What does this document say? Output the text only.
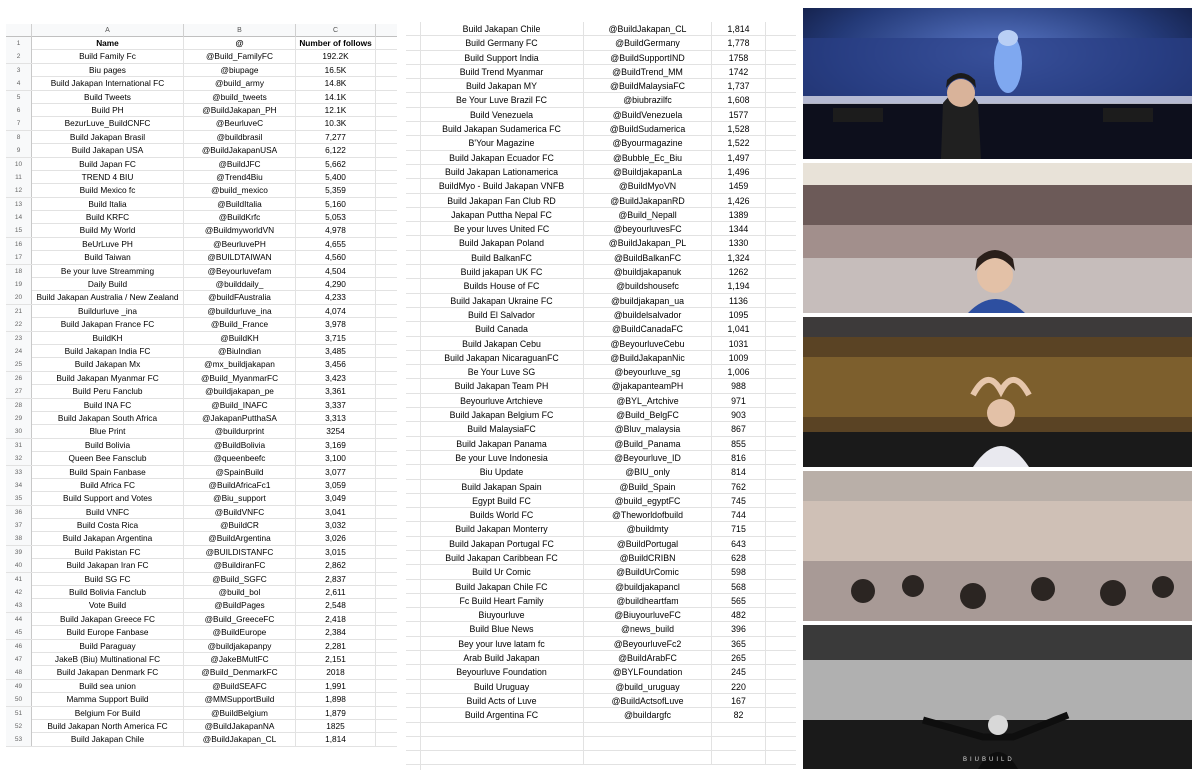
A	B	C
1	Name	@	Number of follows
2	Build Family Fc	@Build_FamilyFC	192.2K
3	Biu pages	@biupage	16.5K
4	Build Jakapan International FC	@build_army	14.8K
5	Build Tweets	@build_tweets	14.1K
6	Build PH	@BuildJakapan_PH	12.1K
7	BezurLuve_BuildCNFC	@BeurluveC	10.3K
8	Build Jakapan Brasil	@buildbrasil	7,277
9	Build Jakapan USA	@BuildJakapanUSA	6,122
10	Build Japan FC	@BuildJFC	5,662
11	TREND 4 BIU	@Trend4Biu	5,400
12	Build Mexico fc	@build_mexico	5,359
13	Build Italia	@BuildItalia	5,160
14	Build KRFC	@BuildKrfc	5,053
15	Build My World	@BuildmyworldVN	4,978
16	BeUrLuve PH	@BeurluvePH	4,655
17	Build Taiwan	@BUILDTAIWAN	4,560
18	Be your luve Streamming	@Beyourluvefam	4,504
19	Daily Build	@builddaily_	4,290
20	Build Jakapan Australia / New Zealand	@buildFAustralia	4,233
21	Buildurluve _ina	@buildurluve_ina	4,074
22	Build Jakapan France FC	@Build_France	3,978
23	BuildKH	@BuildKH	3,715
24	Build Jakapan India FC	@BiuIndian	3,485
25	Build Jakapan Mx	@mx_buildjakapan	3,456
26	Build Jakapan Myanmar FC	@Build_MyanmarFC	3,423
27	Build Peru Fanclub	@buildjakapan_pe	3,361
28	Build INA FC	@Build_INAFC	3,337
29	Build Jakapan South Africa	@JakapanPutthaSA	3,313
30	Blue Print	@buildurprint	3254
31	Build Bolivia	@BuildBolivia	3,169
32	Queen Bee Fansclub	@queenbeefc	3,100
33	Build Spain Fanbase	@SpainBuild	3,077
34	Build Africa FC	@BuildAfricaFc1	3,059
35	Build Support and Votes	@Biu_support	3,049
36	Build VNFC	@BuildVNFC	3,041
37	Build Costa Rica	@BuildCR	3,032
38	Build Jakapan Argentina	@BuildArgentina	3,026
39	Build Pakistan FC	@BUILDISTANFC	3,015
40	Build Jakapan Iran FC	@BuildiranFC	2,862
41	Build SG FC	@Build_SGFC	2,837
42	Build Bolivia Fanclub	@build_bol	2,611
43	Vote Build	@BuildPages	2,548
44	Build Jakapan Greece FC	@Build_GreeceFC	2,418
45	Build Europe Fanbase	@BuildEurope	2,384
46	Build Paraguay	@buildjakapanpy	2,281
47	JakeB (Biu) Multinational FC	@JakeBMultFC	2,151
48	Build Jakapan Denmark FC	@Build_DenmarkFC	2018
49	Build sea union	@BuildSEAFC	1,991
50	Mamma Support Build	@MMSupportBuild	1,898
51	Belgium For Build	@BuildBelgium	1,879
52	Build Jakapan North America FC	@BuildJakapanNA	1825
53	Build Jakapan Chile	@BuildJakapan_CL	1,814
Build Jakapan Chile	@BuildJakapan_CL	1,814
Build Germany FC	@BuildGermany	1,778
Build Support India	@BuildSupportIND	1758
Build Trend Myanmar	@BuildTrend_MM	1742
Build Jakapan MY	@BuildMalaysiaFC	1,737
Be Your Luve Brazil FC	@biubrazilfc	1,608
Build Venezuela	@BuildVenezuela	1577
Build Jakapan Sudamerica FC	@BuildSudamerica	1,528
B'Your Magazine	@Byourmagazine	1,522
Build Jakapan Ecuador FC	@Bubble_Ec_Biu	1,497
Build Jakapan Lationamerica	@BuildjakapanLa	1,496
BuildMyo - Build Jakapan VNFB	@BuildMyoVN	1459
Build Jakapan Fan Club RD	@BuildJakapanRD	1,426
Jakapan Puttha Nepal FC	@Build_Nepall	1389
Be your luves United FC	@beyourluvesFC	1344
Build Jakapan Poland	@BuildJakapan_PL	1330
Build BalkanFC	@BuildBalkanFC	1,324
Build jakapan UK FC	@buildjakapanuk	1262
Builds House of FC	@buildshousefc	1,194
Build Jakapan Ukraine FC	@buildjakapan_ua	1136
Build El Salvador	@buildelsalvador	1095
Build Canada	@BuildCanadaFC	1,041
Build Jakapan Cebu	@BeyourluveCebu	1031
Build Jakapan NicaraguanFC	@BuildJakapanNic	1009
Be Your Luve SG	@beyourluve_sg	1,006
Build Jakapan Team PH	@jakapanteamPH	988
Beyourluve Artchieve	@BYL_Artchive	971
Build Jakapan Belgium FC	@Build_BelgFC	903
Build MalaysiaFC	@Bluv_malaysia	867
Build Jakapan Panama	@Build_Panama	855
Be your Luve Indonesia	@Beyourluve_ID	816
Biu Update	@BIU_only	814
Build Jakapan Spain	@Build_Spain	762
Egypt Build FC	@build_egyptFC	745
Builds World FC	@Theworldofbuild	744
Build Jakapan Monterry	@buildmty	715
Build Jakapan Portugal FC	@BuildPortugal	643
Build Jakapan Caribbean FC	@BuildCRIBN	628
Build Ur Comic	@BuildUrComic	598
Build Jakapan Chile FC	@buildjakapancl	568
Fc Build Heart Family	@buildheartfam	565
Biuyourluve	@BiuyourluveFC	482
Build Blue News	@news_build	396
Bey your luve latam fc	@BeyourluveFc2	365
Arab Build Jakapan	@BuildArabFC	265
Beyourluve Foundation	@BYLFoundation	245
Build Uruguay	@build_uruguay	220
Build Acts of Luve	@BuildActsofLuve	167
Build Argentina FC	@buildargfc	82
BIUBUILD
